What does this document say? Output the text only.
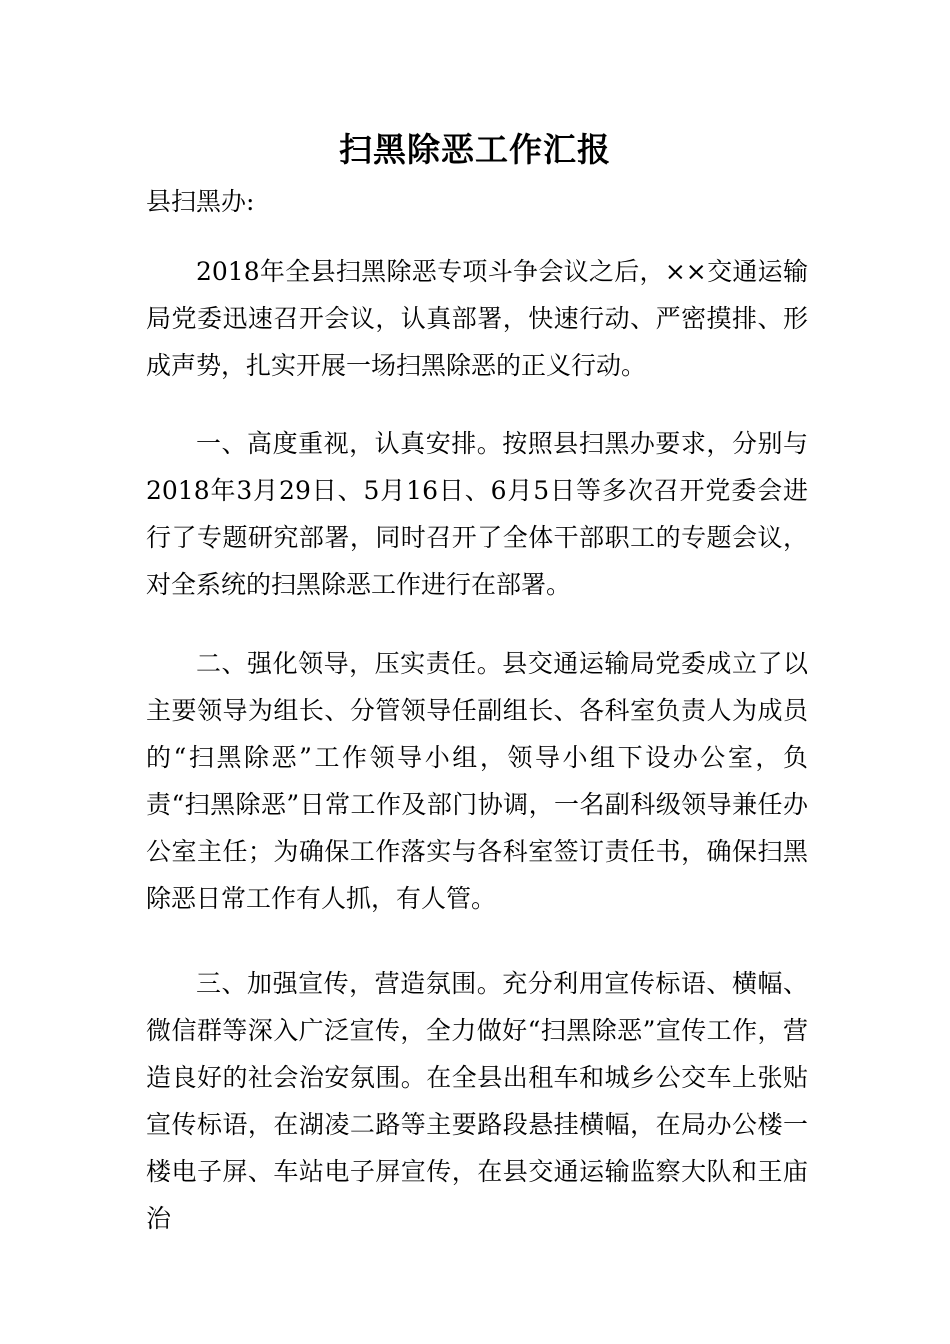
扫黑除恶工作汇报

县扫黑办:

2018年全县扫黑除恶专项斗争会议之后，××交通运输局党委迅速召开会议，认真部署，快速行动、严密摸排、形成声势，扎实开展一场扫黑除恶的正义行动。

一、高度重视，认真安排。按照县扫黑办要求，分别与2018年3月29日、5月16日、6月5日等多次召开党委会进行了专题研究部署，同时召开了全体干部职工的专题会议，对全系统的扫黑除恶工作进行在部署。

二、强化领导，压实责任。县交通运输局党委成立了以主要领导为组长、分管领导任副组长、各科室负责人为成员的“扫黑除恶”工作领导小组，领导小组下设办公室，负责“扫黑除恶”日常工作及部门协调，一名副科级领导兼任办公室主任；为确保工作落实与各科室签订责任书，确保扫黑除恶日常工作有人抓，有人管。

三、加强宣传，营造氛围。充分利用宣传标语、横幅、微信群等深入广泛宣传，全力做好“扫黑除恶”宣传工作，营造良好的社会治安氛围。在全县出租车和城乡公交车上张贴宣传标语，在湖凌二路等主要路段悬挂横幅，在局办公楼一楼电子屏、车站电子屏宣传，在县交通运输监察大队和王庙治
